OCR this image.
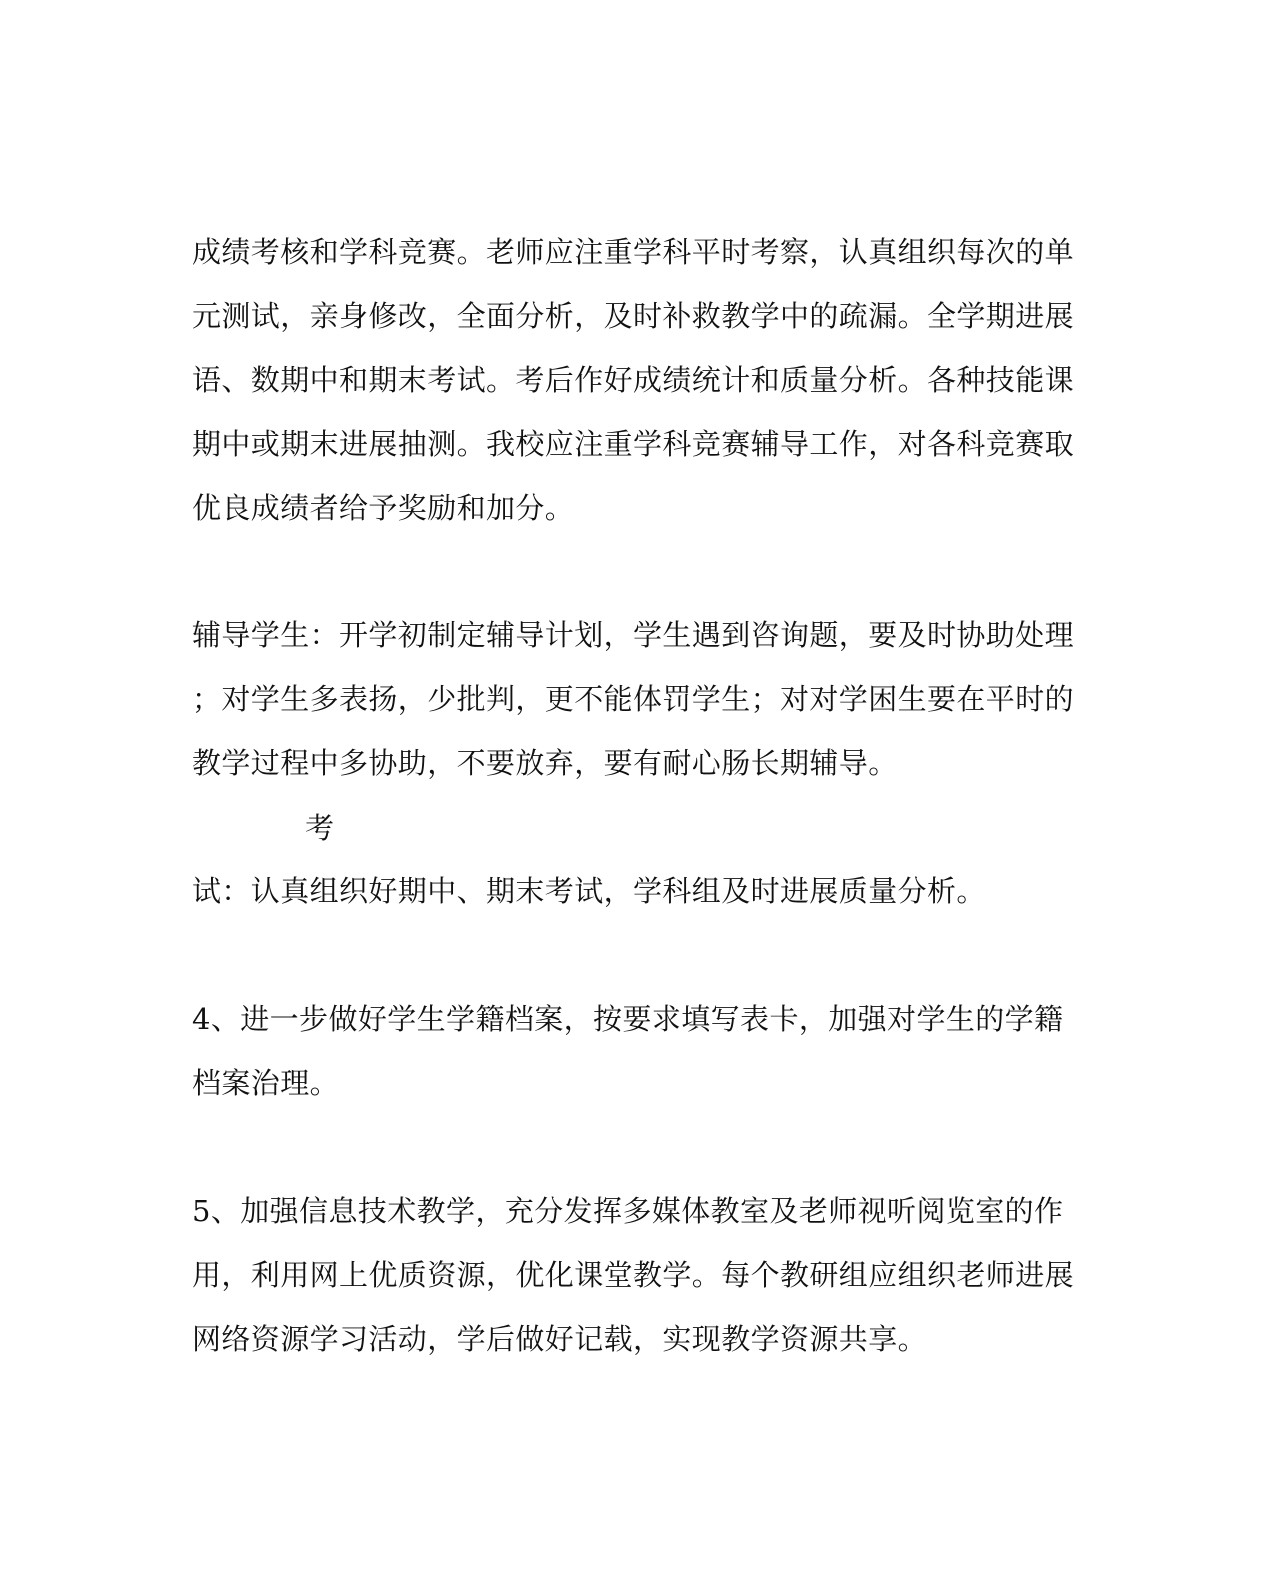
成绩考核和学科竞赛。老师应注重学科平时考察，认真组织每次的单
元测试，亲身修改，全面分析，及时补救教学中的疏漏。全学期进展
语、数期中和期末考试。考后作好成绩统计和质量分析。各种技能课
期中或期末进展抽测。我校应注重学科竞赛辅导工作，对各科竞赛取
优良成绩者给予奖励和加分。
辅导学生：开学初制定辅导计划，学生遇到咨询题，要及时协助处理
；对学生多表扬，少批判，更不能体罚学生；对对学困生要在平时的
教学过程中多协助，不要放弃，要有耐心肠长期辅导。
考
试：认真组织好期中、期末考试，学科组及时进展质量分析。
4、进一步做好学生学籍档案，按要求填写表卡，加强对学生的学籍
档案治理。
5、加强信息技术教学，充分发挥多媒体教室及老师视听阅览室的作
用，利用网上优质资源，优化课堂教学。每个教研组应组织老师进展
网络资源学习活动，学后做好记载，实现教学资源共享。
